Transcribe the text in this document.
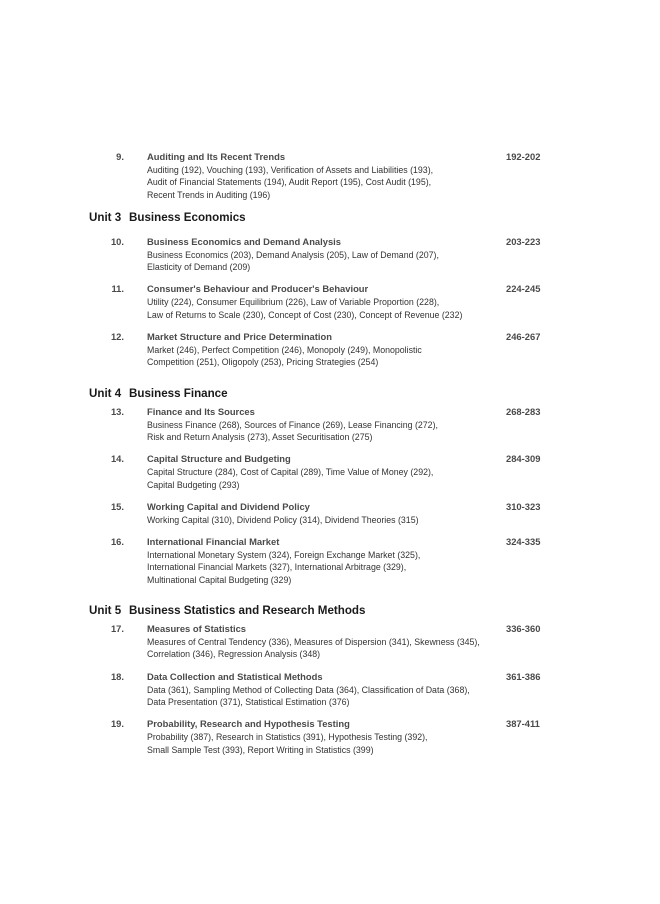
9. Auditing and Its Recent Trends	192-202
Auditing (192), Vouching (193), Verification of Assets and Liabilities (193),
Audit of Financial Statements (194), Audit Report (195), Cost Audit (195),
Recent Trends in Auditing (196)
Unit 3 Business Economics
10. Business Economics and Demand Analysis	203-223
Business Economics (203), Demand Analysis (205), Law of Demand (207),
Elasticity of Demand (209)
11. Consumer's Behaviour and Producer's Behaviour	224-245
Utility (224), Consumer Equilibrium (226), Law of Variable Proportion (228),
Law of Returns to Scale (230), Concept of Cost (230), Concept of Revenue (232)
12. Market Structure and Price Determination	246-267
Market (246), Perfect Competition (246), Monopoly (249), Monopolistic
Competition (251), Oligopoly (253), Pricing Strategies (254)
Unit 4 Business Finance
13. Finance and Its Sources	268-283
Business Finance (268), Sources of Finance (269), Lease Financing (272),
Risk and Return Analysis (273), Asset Securitisation (275)
14. Capital Structure and Budgeting	284-309
Capital Structure (284), Cost of Capital (289), Time Value of Money (292),
Capital Budgeting (293)
15. Working Capital and Dividend Policy	310-323
Working Capital (310), Dividend Policy (314), Dividend Theories (315)
16. International Financial Market	324-335
International Monetary System (324), Foreign Exchange Market (325),
International Financial Markets (327), International Arbitrage (329),
Multinational Capital Budgeting (329)
Unit 5 Business Statistics and Research Methods
17. Measures of Statistics	336-360
Measures of Central Tendency (336), Measures of Dispersion (341), Skewness (345),
Correlation (346), Regression Analysis (348)
18. Data Collection and Statistical Methods	361-386
Data (361), Sampling Method of Collecting Data (364), Classification of Data (368),
Data Presentation (371), Statistical Estimation (376)
19. Probability, Research and Hypothesis Testing	387-411
Probability (387), Research in Statistics (391), Hypothesis Testing (392),
Small Sample Test (393), Report Writing in Statistics (399)
